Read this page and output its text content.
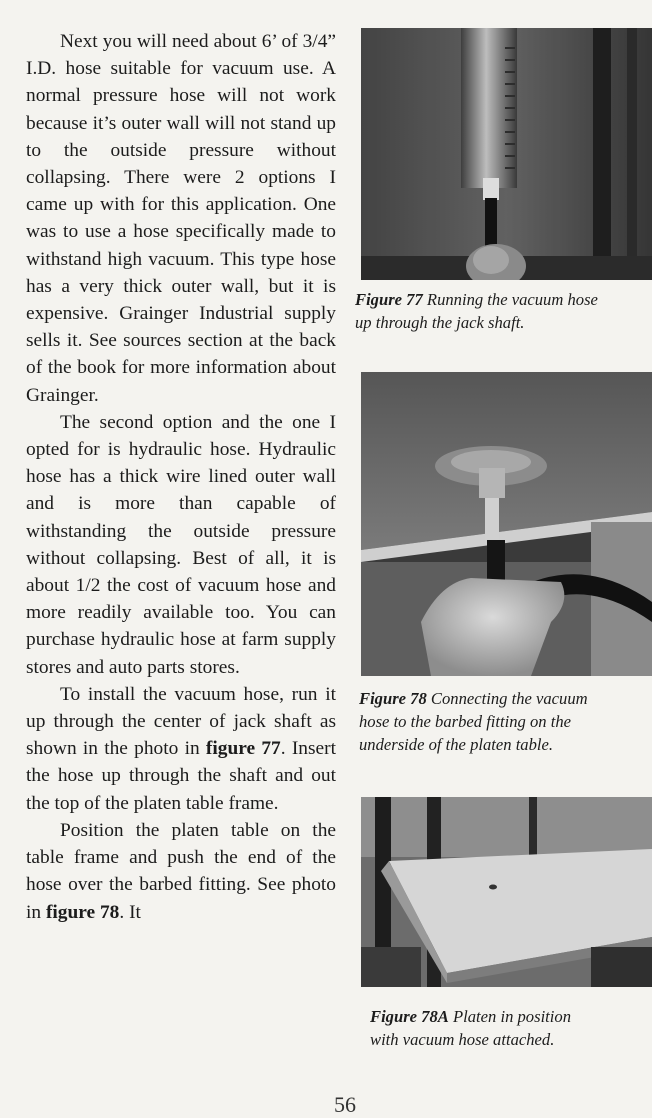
Next you will need about 6’ of 3/4” I.D. hose suitable for vacuum use. A normal pressure hose will not work because it’s outer wall will not stand up to the outside pressure without collapsing. There were 2 options I came up with for this application. One was to use a hose specifically made to withstand high vacuum. This type hose has a very thick outer wall, but it is expensive. Grainger Industrial supply sells it. See sources section at the back of the book for more information about Grainger.

The second option and the one I opted for is hydraulic hose. Hydraulic hose has a thick wire lined outer wall and is more than capable of withstanding the outside pressure without collapsing. Best of all, it is about 1/2 the cost of vacuum hose and more readily available too. You can purchase hydraulic hose at farm supply stores and auto parts stores.

To install the vacuum hose, run it up through the center of jack shaft as shown in the photo in figure 77. Insert the hose up through the shaft and out the top of the platen table frame.

Position the platen table on the table frame and push the end of the hose over the barbed fitting. See photo in figure 78. It

Figure 77 Running the vacuum hose
up through the jack shaft.
Figure 78 Connecting the vacuum
hose to the barbed fitting on the
underside of the platen table.
Figure 78A Platen in position
with vacuum hose attached.
56
